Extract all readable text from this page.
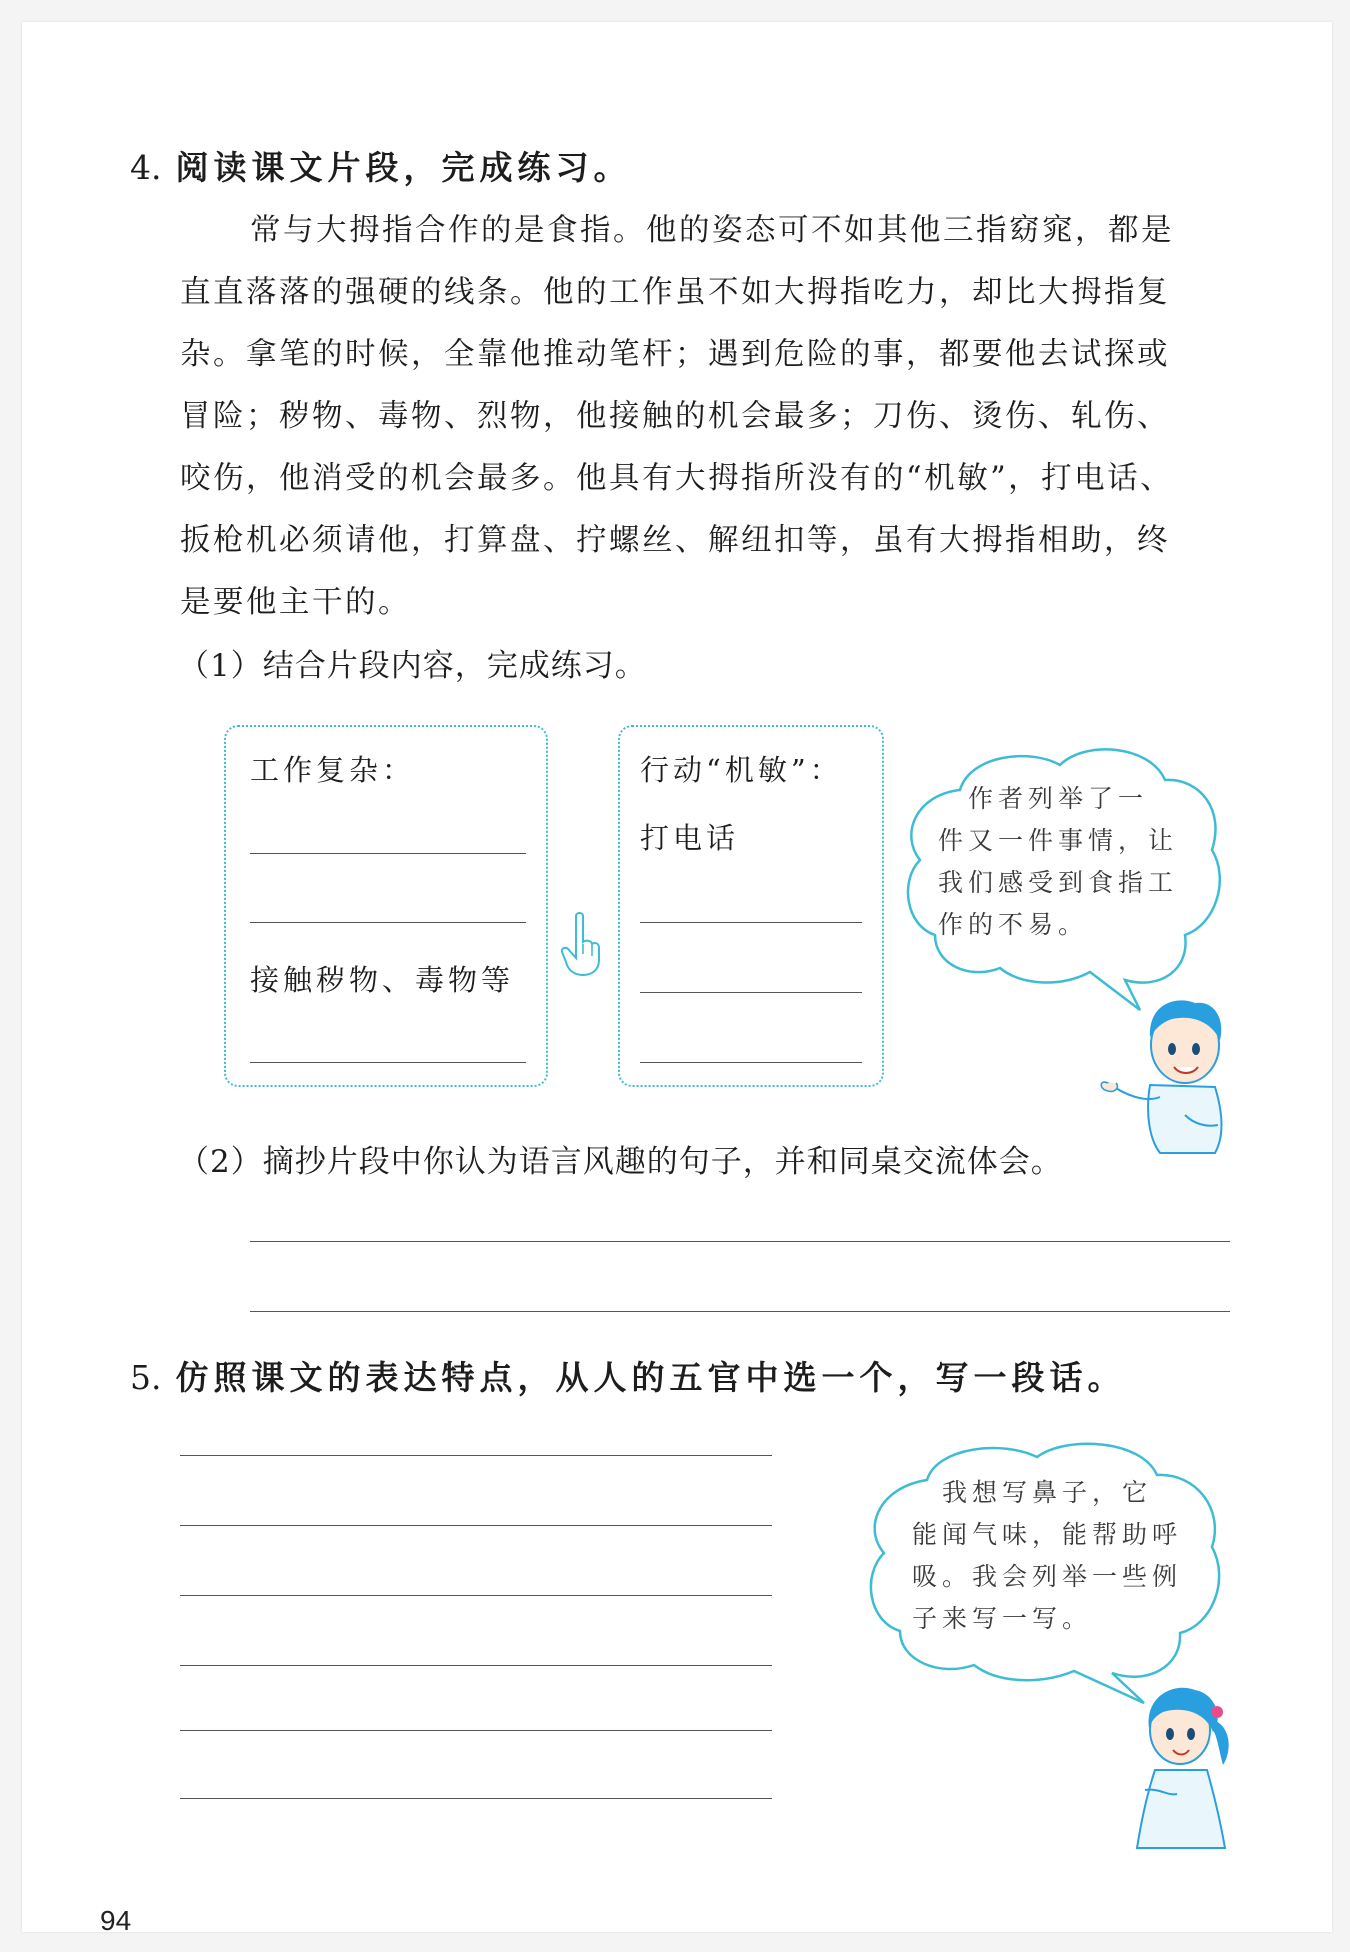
4. 阅读课文片段，完成练习。
常与大拇指合作的是食指。他的姿态可不如其他三指窈窕，都是
直直落落的强硬的线条。他的工作虽不如大拇指吃力，却比大拇指复
杂。拿笔的时候，全靠他推动笔杆；遇到危险的事，都要他去试探或
冒险；秽物、毒物、烈物，他接触的机会最多；刀伤、烫伤、轧伤、
咬伤，他消受的机会最多。他具有大拇指所没有的“机敏”，打电话、
扳枪机必须请他，打算盘、拧螺丝、解纽扣等，虽有大拇指相助，终
是要他主干的。
（1）结合片段内容，完成练习。
工作复杂：
接触秽物、毒物等
行动“机敏”：
打电话
　作者列举了一
件又一件事情，让
我们感受到食指工
作的不易。
（2）摘抄片段中你认为语言风趣的句子，并和同桌交流体会。
5. 仿照课文的表达特点，从人的五官中选一个，写一段话。
　我想写鼻子，它
能闻气味，能帮助呼
吸。我会列举一些例
子来写一写。
94
